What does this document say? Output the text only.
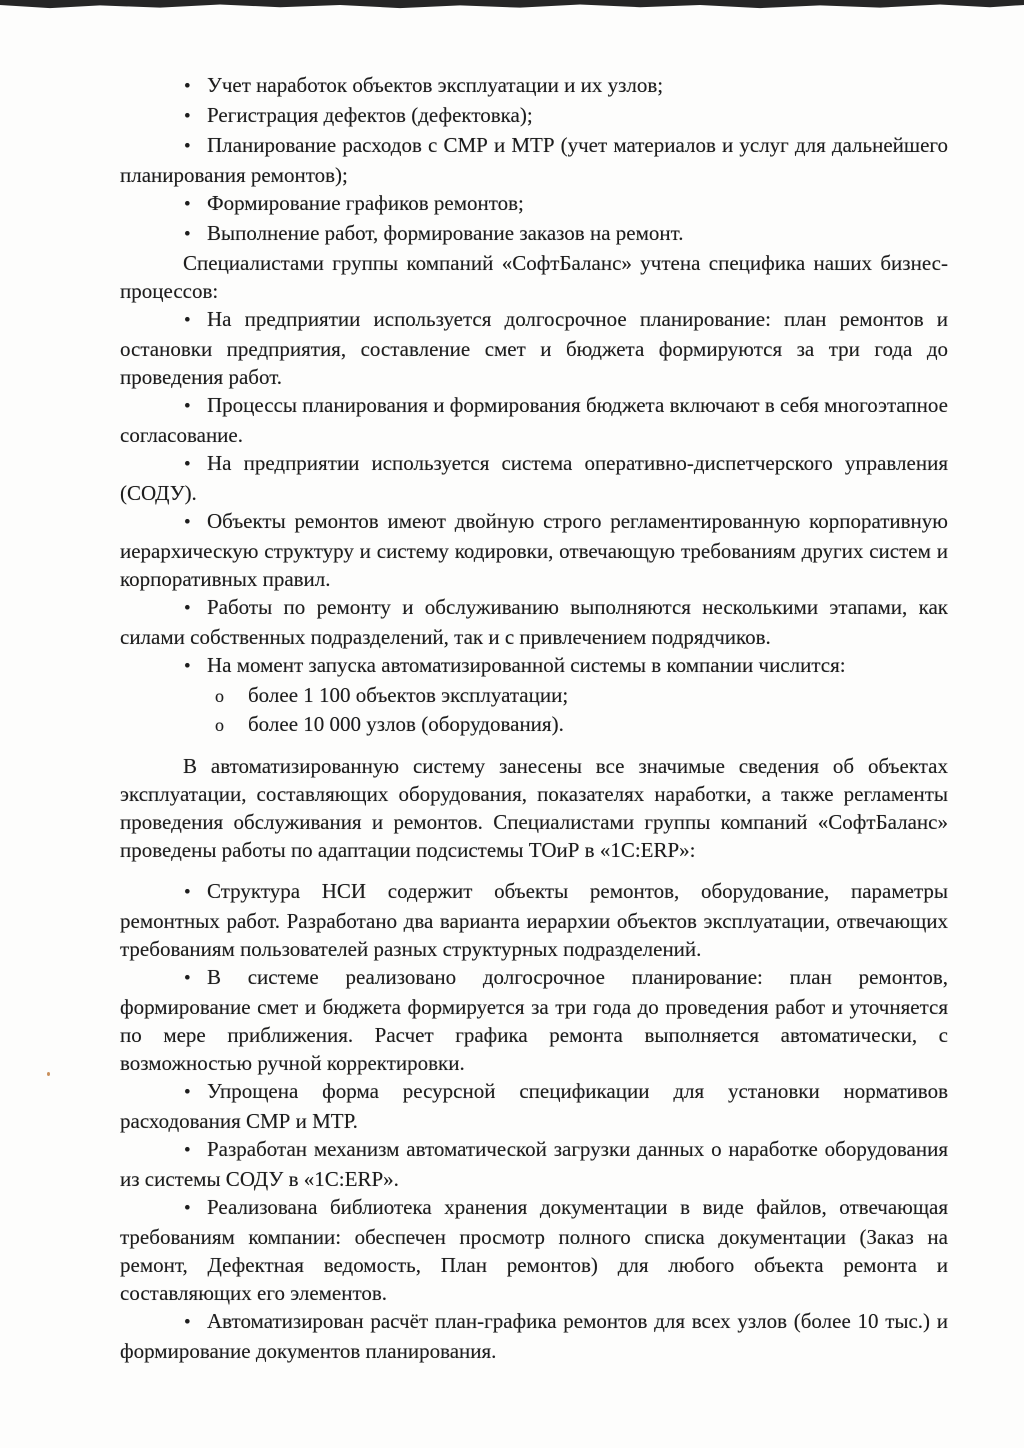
• Учет наработок объектов эксплуатации и их узлов;

• Регистрация дефектов (дефектовка);

• Планирование расходов с СМР и МТР (учет материалов и услуг для дальнейшего планирования ремонтов);

• Формирование графиков ремонтов;

• Выполнение работ, формирование заказов на ремонт.

Специалистами группы компаний «СофтБаланс» учтена специфика наших бизнес-процессов:

• На предприятии используется долгосрочное планирование: план ремонтов и остановки предприятия, составление смет и бюджета формируются за три года до проведения работ.

• Процессы планирования и формирования бюджета включают в себя многоэтапное согласование.

• На предприятии используется система оперативно-диспетчерского управления (СОДУ).

• Объекты ремонтов имеют двойную строго регламентированную корпоративную иерархическую структуру и систему кодировки, отвечающую требованиям других систем и корпоративных правил.

• Работы по ремонту и обслуживанию выполняются несколькими этапами, как силами собственных подразделений, так и с привлечением подрядчиков.

• На момент запуска автоматизированной системы в компании числится:

o более 1 100 объектов эксплуатации;

o более 10 000 узлов (оборудования).

В автоматизированную систему занесены все значимые сведения об объектах эксплуатации, составляющих оборудования, показателях наработки, а также регламенты проведения обслуживания и ремонтов. Специалистами группы компаний «СофтБаланс» проведены работы по адаптации подсистемы ТОиР в «1С:ERP»:

• Структура НСИ содержит объекты ремонтов, оборудование, параметры ремонтных работ. Разработано два варианта иерархии объектов эксплуатации, отвечающих требованиям пользователей разных структурных подразделений.

• В системе реализовано долгосрочное планирование: план ремонтов, формирование смет и бюджета формируется за три года до проведения работ и уточняется по мере приближения. Расчет графика ремонта выполняется автоматически, с возможностью ручной корректировки.

• Упрощена форма ресурсной спецификации для установки нормативов расходования СМР и МТР.

• Разработан механизм автоматической загрузки данных о наработке оборудования из системы СОДУ в «1С:ERP».

• Реализована библиотека хранения документации в виде файлов, отвечающая требованиям компании: обеспечен просмотр полного списка документации (Заказ на ремонт, Дефектная ведомость, План ремонтов) для любого объекта ремонта и составляющих его элементов.

• Автоматизирован расчёт план-графика ремонтов для всех узлов (более 10 тыс.) и формирование документов планирования.
